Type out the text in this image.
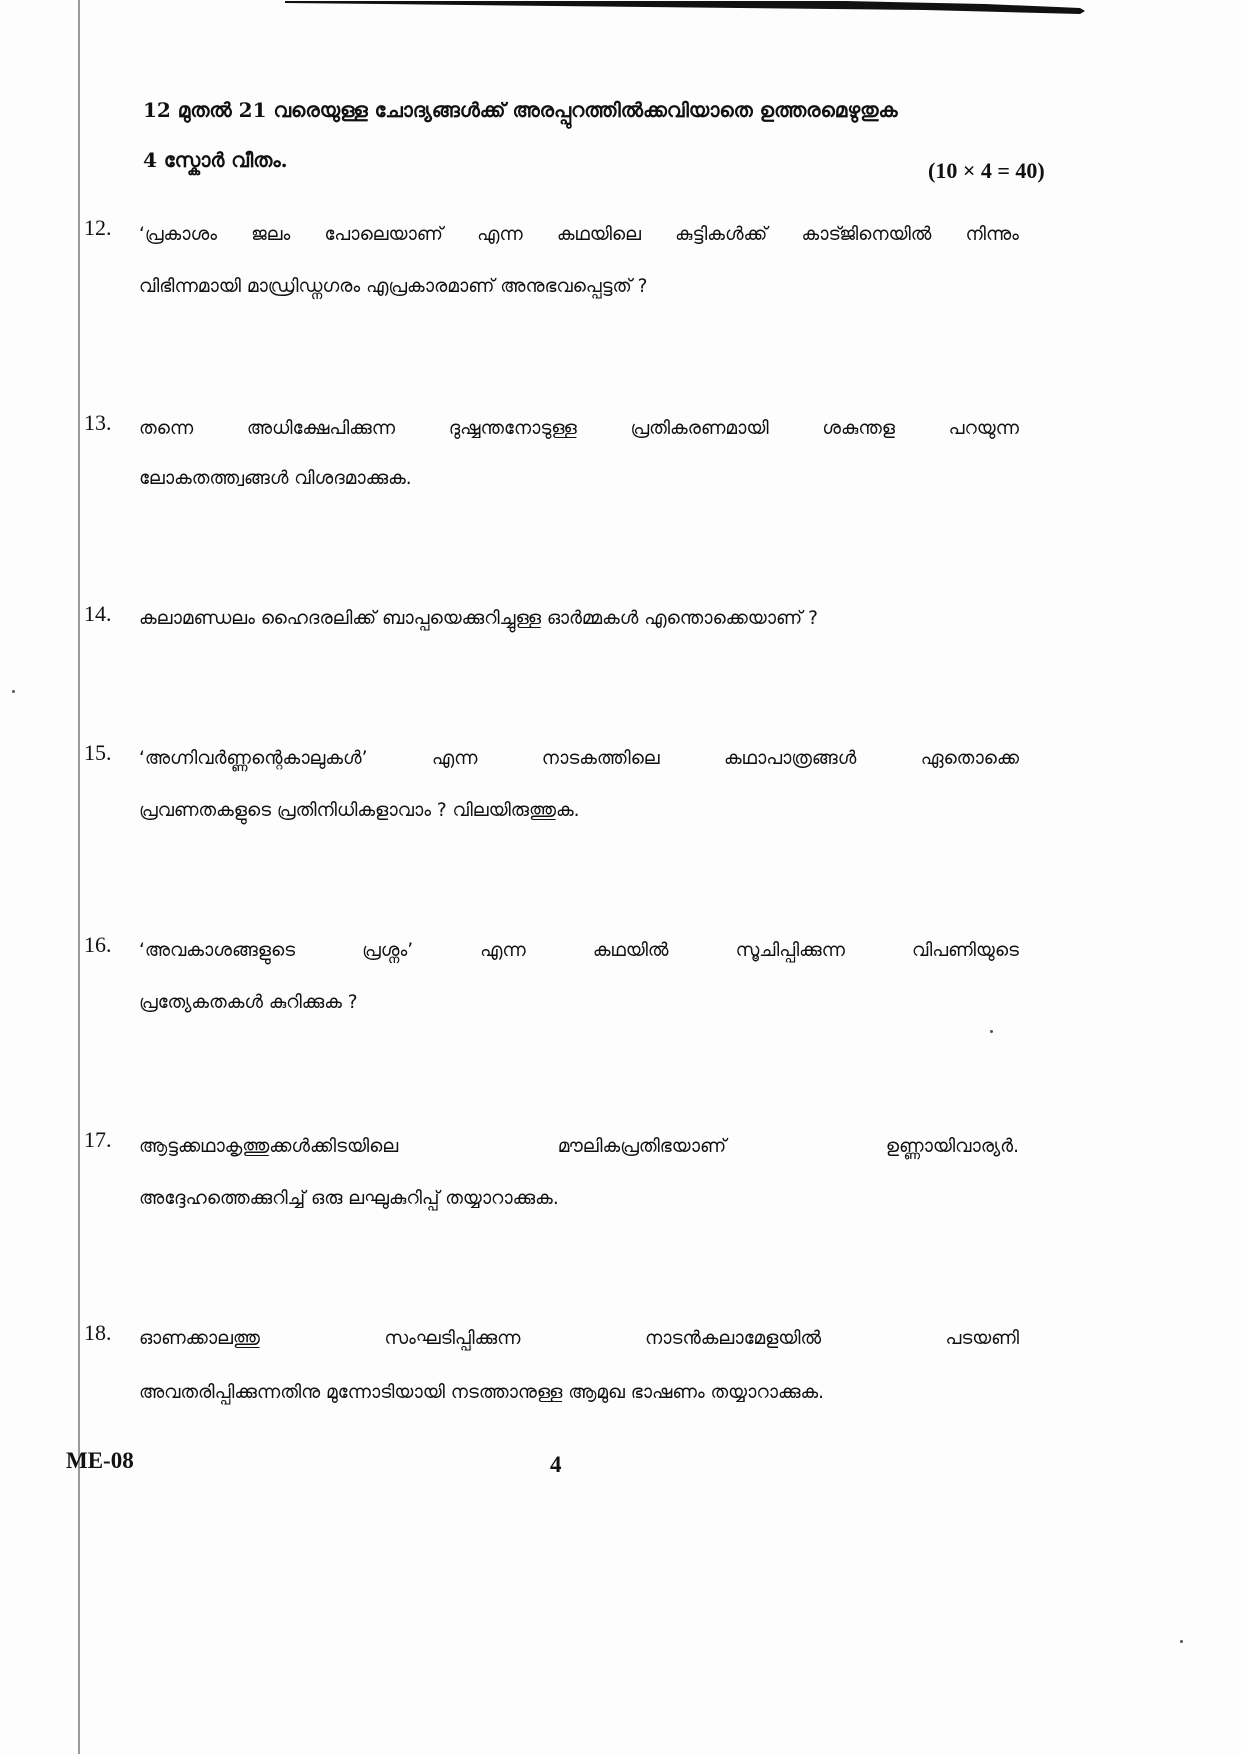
12 മുതൽ 21 വരെയുള്ള ചോദ്യങ്ങൾക്ക് അരപ്പുറത്തിൽക്കവിയാതെ ഉത്തരമെഴുതുക
4 സ്കോർ വീതം.	(10 × 4 = 40)
12.	‘പ്രകാശം ജലം പോലെയാണ് എന്ന കഥയിലെ കുട്ടികൾക്ക് കാട്ജിനെയിൽ നിന്നും
വിഭിന്നമായി മാഡ്രിഡ്നഗരം എപ്രകാരമാണ് അനുഭവപ്പെട്ടത് ?
13.	തന്നെ	അധിക്ഷേപിക്കുന്ന	ദുഷ്ഷന്തനോടുള്ള	പ്രതികരണമായി	ശകുന്തള	പറയുന്ന
ലോകതത്ത്വങ്ങൾ വിശദമാക്കുക.
14.	കലാമണ്ഡലം ഹൈദരലിക്ക് ബാപ്പയെക്കുറിച്ചുള്ള ഓർമ്മകൾ എന്തൊക്കെയാണ് ?
15.	‘അഗ്നിവർണ്ണന്റെകാലുകൾ’	എന്ന	നാടകത്തിലെ	കഥാപാത്രങ്ങൾ	ഏതൊക്കെ
പ്രവണതകളുടെ പ്രതിനിധികളാവാം ? വിലയിരുത്തുക.
16.	‘അവകാശങ്ങളുടെ	പ്രശ്നം’	എന്ന	കഥയിൽ	സൂചിപ്പിക്കുന്ന	വിപണിയുടെ
പ്രത്യേകതകൾ കുറിക്കുക ?
17.	ആട്ടക്കഥാകൃത്തുക്കൾക്കിടയിലെ	മൗലികപ്രതിഭയാണ്	ഉണ്ണായിവാര്യർ.
അദ്ദേഹത്തെക്കുറിച്ച് ഒരു ലഘുകുറിപ്പ് തയ്യാറാക്കുക.
18.	ഓണക്കാലത്തു	സംഘടിപ്പിക്കുന്ന	നാടൻകലാമേളയിൽ	പടയണി
അവതരിപ്പിക്കുന്നതിനു മുന്നോടിയായി നടത്താനുള്ള ആമുഖ ഭാഷണം തയ്യാറാക്കുക.
ME-08	4
